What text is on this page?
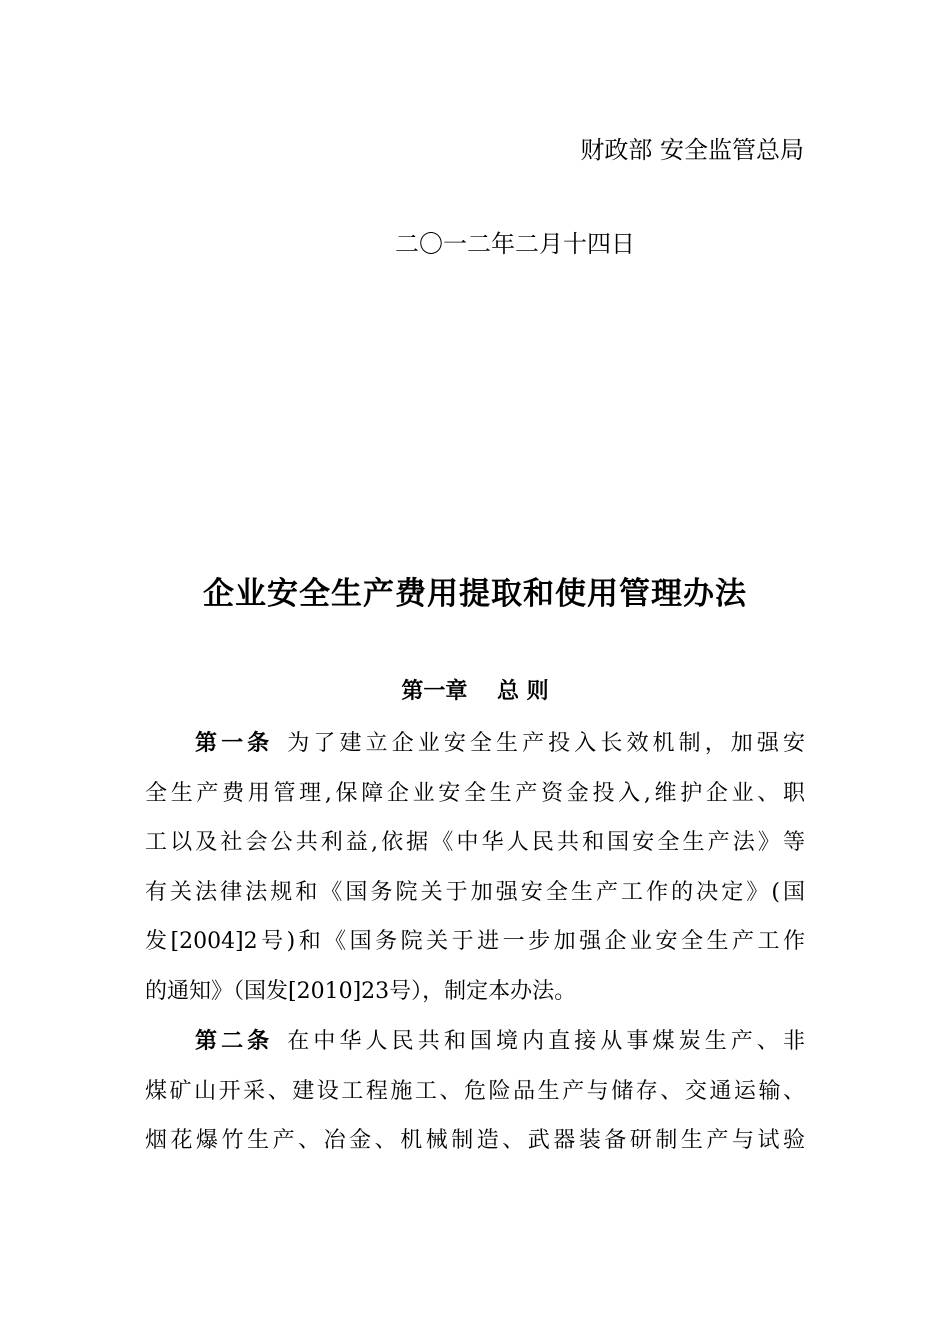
财政部 安全监管总局
二〇一二年二月十四日
企业安全生产费用提取和使用管理办法
第一章　 总 则
第一条 为了建立企业安全生产投入长效机制，加强安
全生产费用管理,保障企业安全生产资金投入,维护企业、职
工以及社会公共利益,依据《中华人民共和国安全生产法》等
有关法律法规和《国务院关于加强安全生产工作的决定》(国
发[2004]2号)和《国务院关于进一步加强企业安全生产工作
的通知》（国发[2010]23号），制定本办法。
第二条 在中华人民共和国境内直接从事煤炭生产、非
煤矿山开采、建设工程施工、危险品生产与储存、交通运输、
烟花爆竹生产、冶金、机械制造、武器装备研制生产与试验
